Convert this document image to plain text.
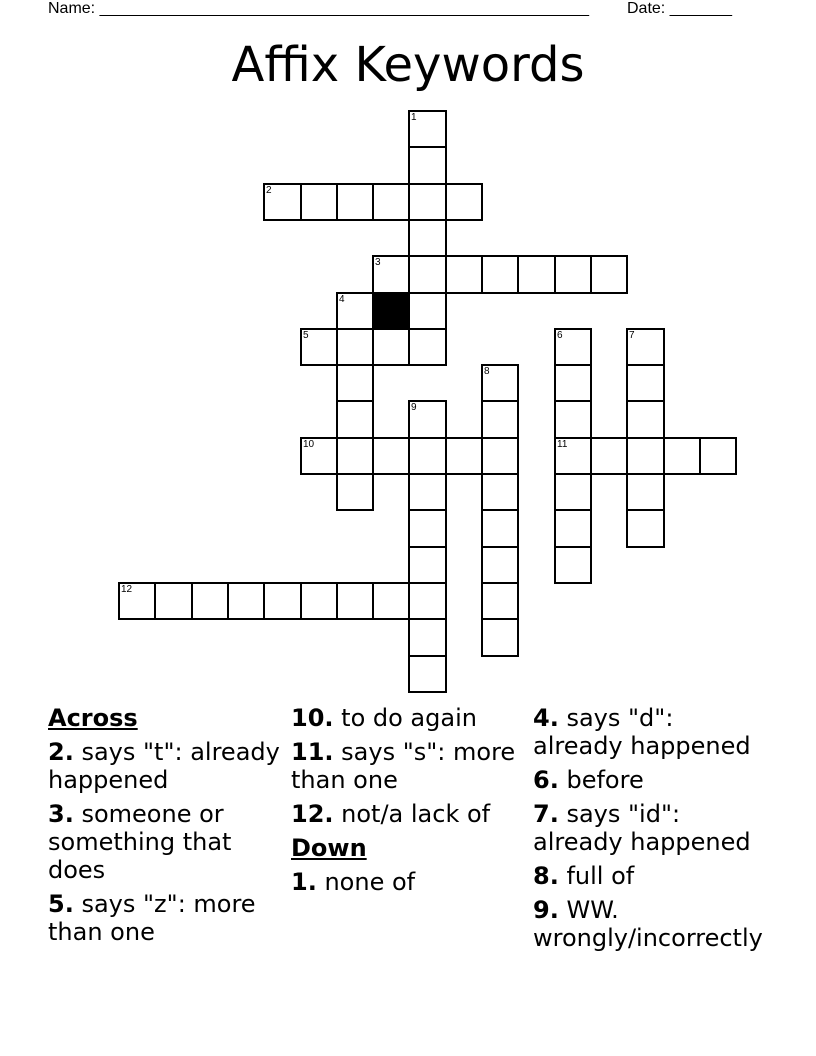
Name: _______________________________________________________ Date: _______
Affix Keywords
1
2
3
4
5	6
11
7
8
9
10
12
Across
2. says "t": already happened
3. someone or something that does
5. says "z": more than one
10. to do again
11. says "s": more than one
12. not/a lack of
Down
1. none of
4. says "d": already happened
6. before
7. says "id": already happened
8. full of
9. WW. wrongly/incorrectly
